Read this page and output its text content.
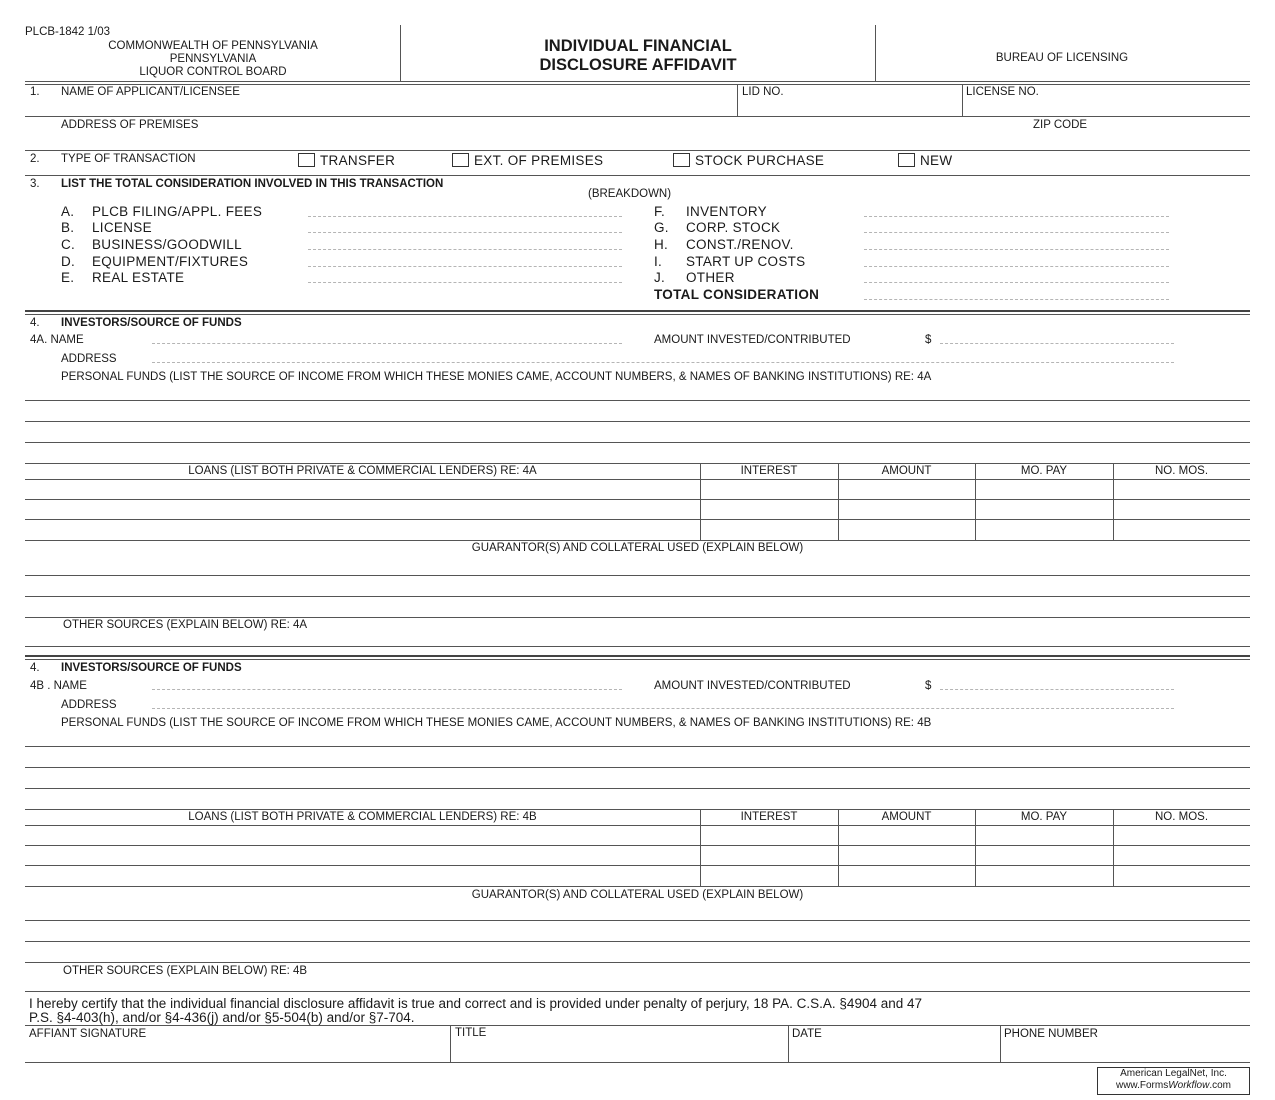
PLCB-1842 1/03
COMMONWEALTH OF PENNSYLVANIA
PENNSYLVANIA
LIQUOR CONTROL BOARD
INDIVIDUAL FINANCIAL
DISCLOSURE AFFIDAVIT	BUREAU OF LICENSING
1. NAME OF APPLICANT/LICENSEE	LID NO.	LICENSE NO.
ADDRESS OF PREMISES	ZIP CODE
2. TYPE OF TRANSACTION	TRANSFER	EXT. OF PREMISES	STOCK PURCHASE	NEW
3. LIST THE TOTAL CONSIDERATION INVOLVED IN THIS TRANSACTION
(BREAKDOWN)
A. PLCB FILING/APPL. FEES
B. LICENSE
C. BUSINESS/GOODWILL
D. EQUIPMENT/FIXTURES
E. REAL ESTATE
F. INVENTORY
G. CORP. STOCK
H. CONST./RENOV.
I. START UP COSTS
J. OTHER
TOTAL CONSIDERATION
4. INVESTORS/SOURCE OF FUNDS
4A. NAME	AMOUNT INVESTED/CONTRIBUTED	$
ADDRESS
PERSONAL FUNDS (LIST THE SOURCE OF INCOME FROM WHICH THESE MONIES CAME, ACCOUNT NUMBERS, & NAMES OF BANKING INSTITUTIONS) RE: 4A
LOANS (LIST BOTH PRIVATE & COMMERCIAL LENDERS) RE: 4A	INTEREST	AMOUNT	MO. PAY	NO. MOS.
GUARANTOR(S) AND COLLATERAL USED (EXPLAIN BELOW)
OTHER SOURCES (EXPLAIN BELOW) RE: 4A
4. INVESTORS/SOURCE OF FUNDS
4B . NAME	AMOUNT INVESTED/CONTRIBUTED	$
ADDRESS
PERSONAL FUNDS (LIST THE SOURCE OF INCOME FROM WHICH THESE MONIES CAME, ACCOUNT NUMBERS, & NAMES OF BANKING INSTITUTIONS) RE: 4B
LOANS (LIST BOTH PRIVATE & COMMERCIAL LENDERS) RE: 4B	INTEREST	AMOUNT	MO. PAY	NO. MOS.
GUARANTOR(S) AND COLLATERAL USED (EXPLAIN BELOW)
OTHER SOURCES (EXPLAIN BELOW) RE: 4B
I hereby certify that the individual financial disclosure affidavit is true and correct and is provided under penalty of perjury, 18 PA. C.S.A. §4904 and 47
P.S. §4-403(h), and/or §4-436(j) and/or §5-504(b) and/or §7-704.
AFFIANT SIGNATURE	TITLE	DATE	PHONE NUMBER
American LegalNet, Inc.
www.FormsWorkflow.com
